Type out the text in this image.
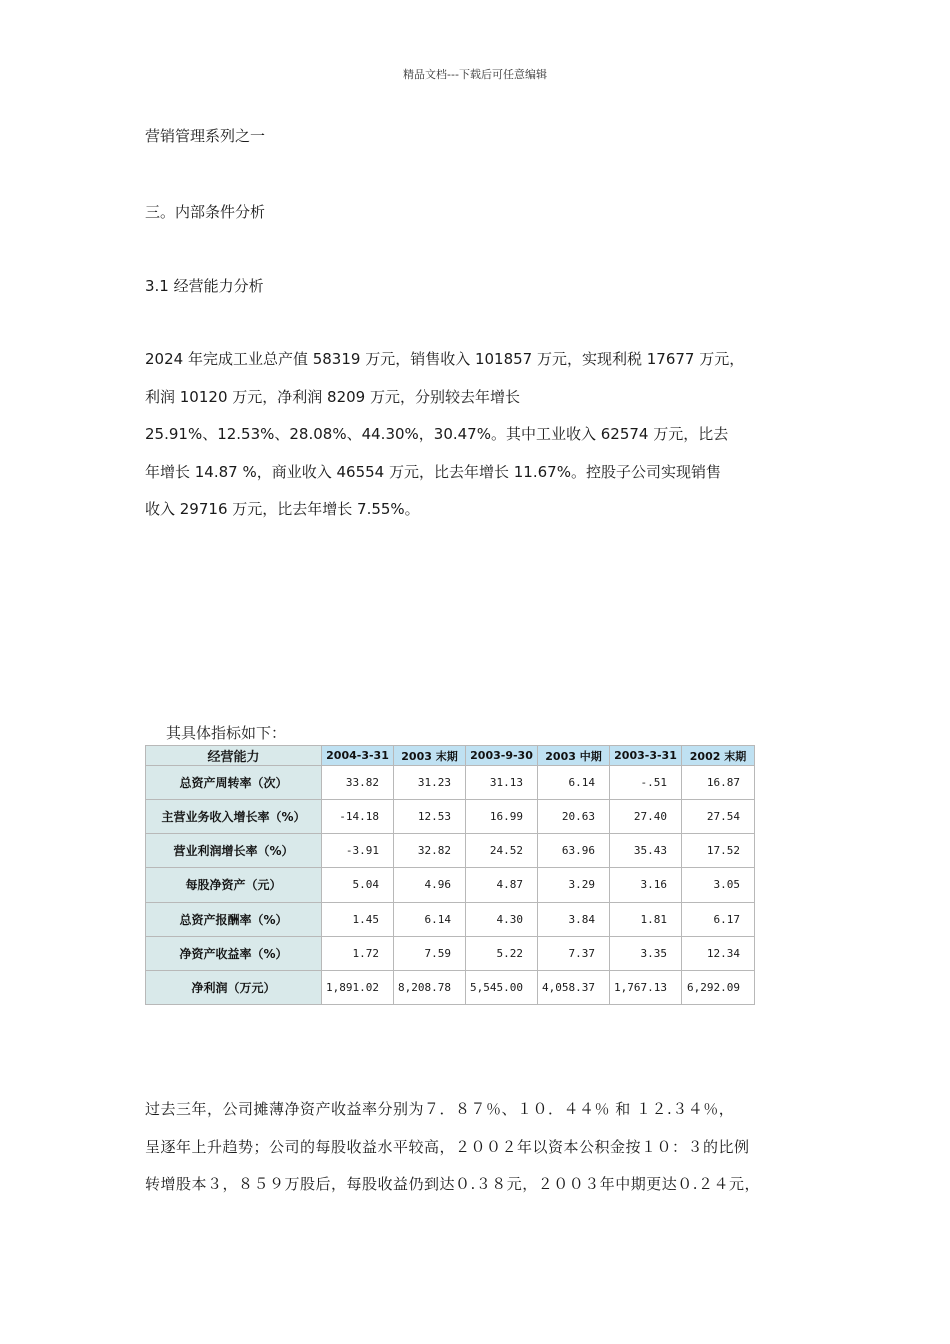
精品文档---下载后可任意编辑

营销管理系列之一

三。内部条件分析

3.1 经营能力分析

2024 年完成工业总产值 58319 万元，销售收入 101857 万元，实现利税 17677 万元，
利润 10120 万元，净利润 8209 万元，分别较去年增长
25.91%、12.53%、28.08%、44.30%，30.47%。其中工业收入 62574 万元，比去
年增长 14.87 %，商业收入 46554 万元，比去年增长 11.67%。控股子公司实现销售
收入 29716 万元，比去年增长 7.55%。
其具体指标如下：
经营能力	2004-3-31	2003 末期	2003-9-30	2003 中期	2003-3-31	2002 末期
总资产周转率（次）	33.82	31.23	31.13	6.14	-.51	16.87
主营业务收入增长率（%）	-14.18	12.53	16.99	20.63	27.40	27.54
营业利润增长率（%）	-3.91	32.82	24.52	63.96	35.43	17.52
每股净资产（元）	5.04	4.96	4.87	3.29	3.16	3.05
总资产报酬率（%）	1.45	6.14	4.30	3.84	1.81	6.17
净资产收益率（%）	1.72	7.59	5.22	7.37	3.35	12.34
净利润（万元）	1,891.02	8,208.78	5,545.00	4,058.37	1,767.13	6,292.09
过去三年，公司摊薄净资产收益率分别为７．８７％、１０．４４％ 和 １２.３４％，
呈逐年上升趋势；公司的每股收益水平较高，２００２年以资本公积金按１０：３的比例
转增股本３，８５９万股后，每股收益仍到达０.３８元，２００３年中期更达０.２４元，
